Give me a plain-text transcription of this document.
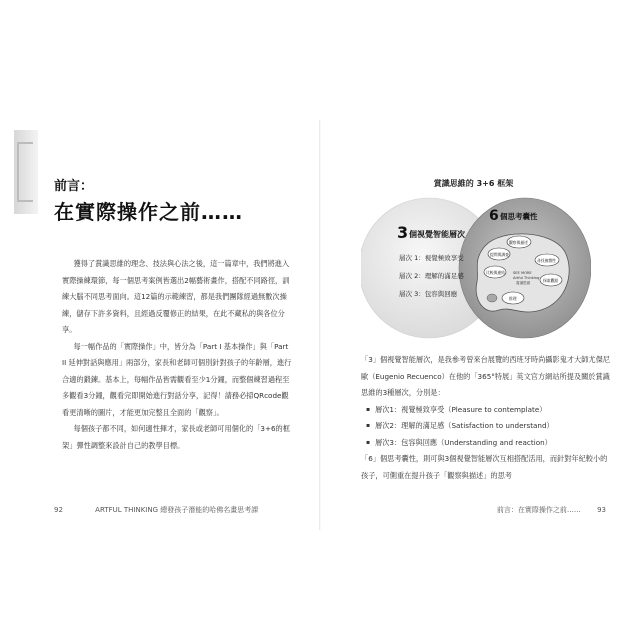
前言：
在實際操作之前……

獲得了賞識思維的理念、技法與心法之後，這一篇章中，我們將進入實際操練環節，每一個思考案例皆選出2幅藝術畫作，搭配不同路徑，訓練大腦不同思考面向。這12篇的示範練習，都是我們團隊經過無數次操練，儲存下許多資料，且經過反覆修正的結果，在此不藏私的與各位分享。

每一幅作品的「實際操作」中，皆分為「Part I 基本操作」與「Part II 延伸對話與應用」兩部分，家長和老師可個別針對孩子的年齡層，進行合適的鍛鍊。基本上，每幅作品皆需觀看至少1分鐘，而整個練習過程至多觀看3分鐘，觀看完即開始進行對話分享，記得！請務必掃QRcode觀看更清晰的圖片，才能更加完整且全面的「觀察」。

每個孩子都不同，如何適性揮才，家長或老師可用個化的「3+6的框架」彈性調整來設計自己的教學目標。

92	ARTFUL THINKING 總發孩子潛能的哈佛名畫思考課
賞識思維的 3+6 框架
3 個視覺智能層次
層次 1：視覺極致享受
層次 2：理解的滿足感
層次 3：包容與回應
6 個思考囊性
SEE MORE
Artful Thinking
賞識思維
觀察與描述
提問與調查
比較與連結
尋找複雜性
探索觀點
推理

「3」個視覺智能層次，是我參考曾來台展覽的西班牙時尚攝影鬼才大師尤傑尼歐（Eugenio Recuenco）在他的「365°特展」英文官方網站所提及關於賞識思維的3種層次，分別是：

▪ 層次1：視覺極致享受（Pleasure to contemplate）
▪ 層次2：理解的滿足感（Satisfaction to understand）
▪ 層次3：包容與回應（Understanding and reaction）

「6」個思考囊性，則可與3個視覺智能層次互相搭配活用，而針對年紀較小的孩子，可側重在提升孩子「觀察與描述」的思考

前言：在實際操作之前…… 93
